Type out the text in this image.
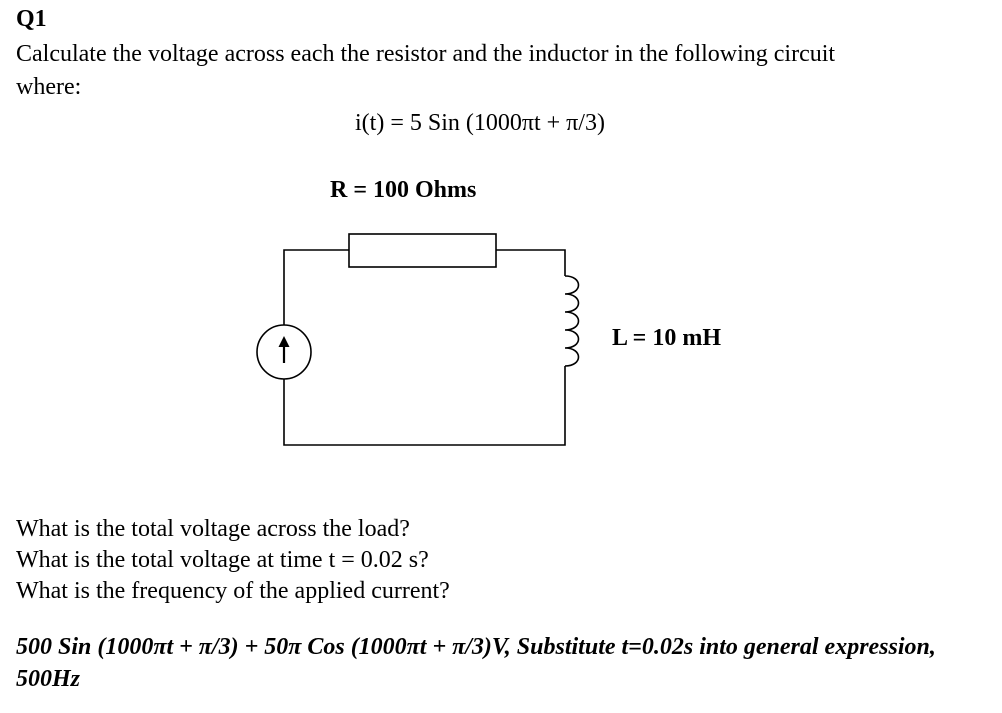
Q1
Calculate the voltage across each the resistor and the inductor in the following circuit
where:
i(t) = 5 Sin (1000πt + π/3)
R = 100 Ohms
L = 10 mH
What is the total voltage across the load?
What is the total voltage at time t = 0.02 s?
What is the frequency of the applied current?
500 Sin (1000πt + π/3) + 50π Cos (1000πt + π/3)V, Substitute t=0.02s into general expression, 500Hz
